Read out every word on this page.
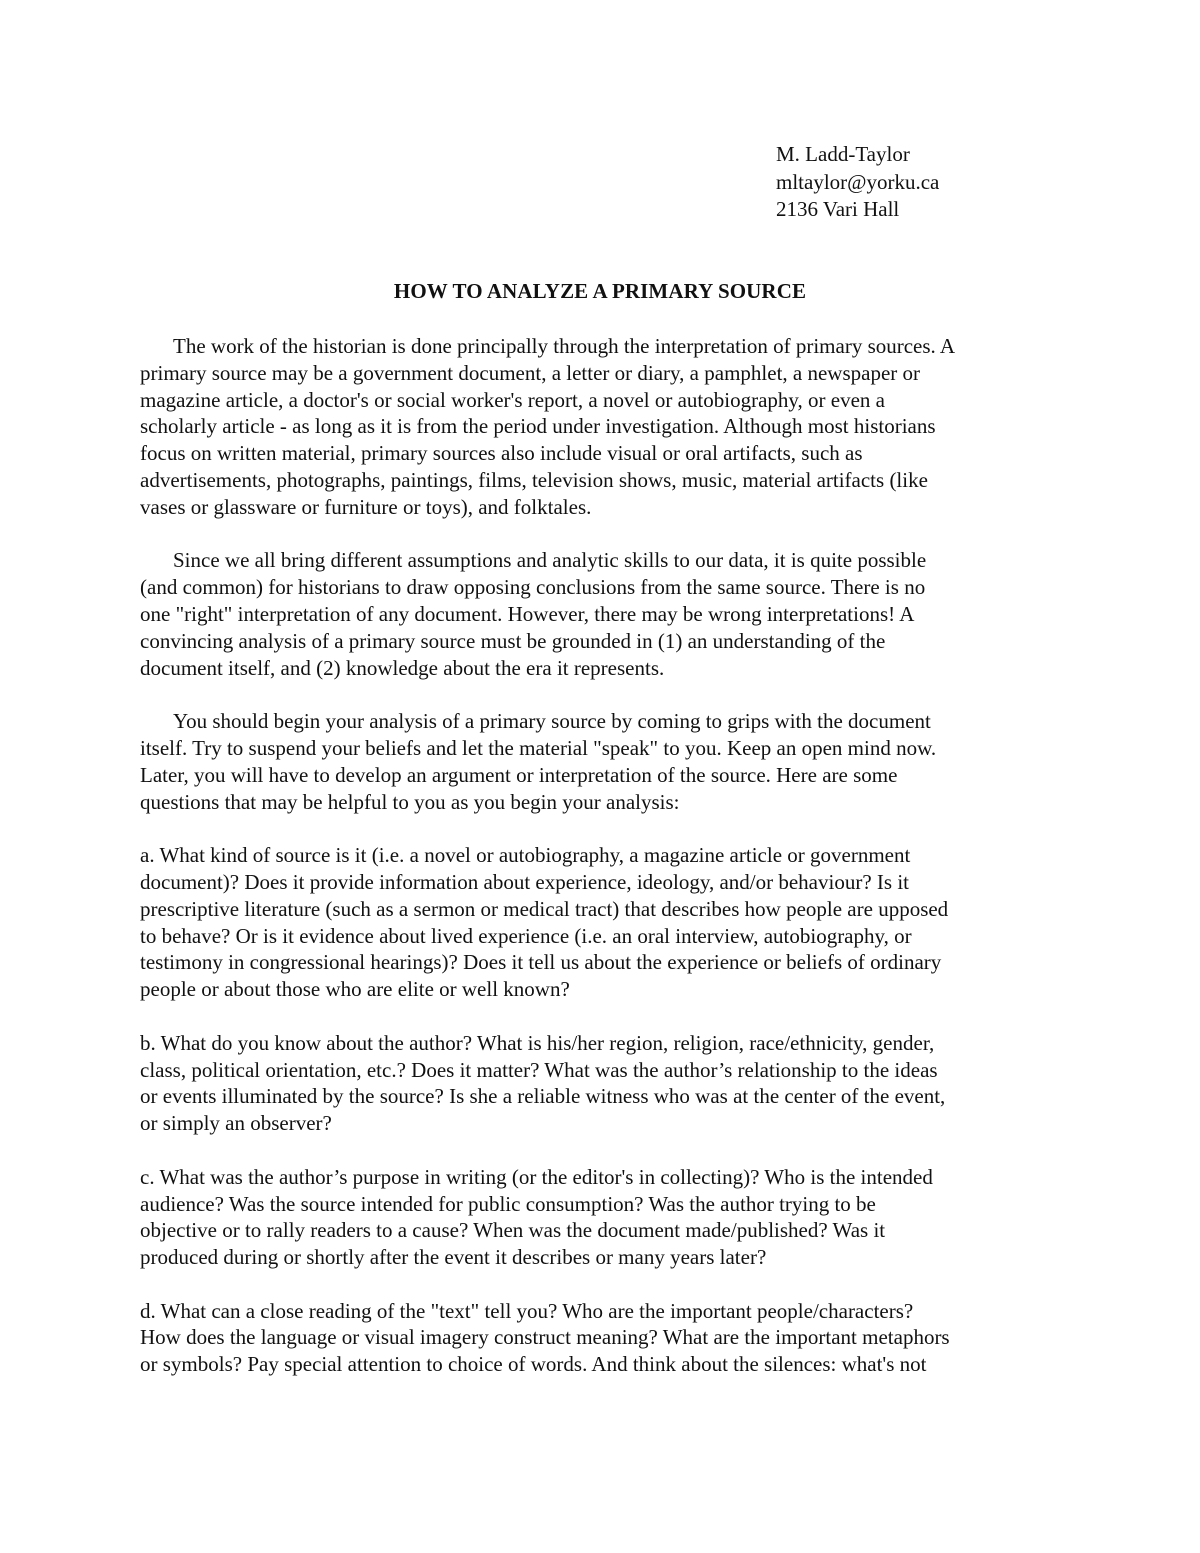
M. Ladd-Taylor
mltaylor@yorku.ca
2136 Vari Hall
HOW TO ANALYZE A PRIMARY SOURCE
The work of the historian is done principally through the interpretation of primary sources. A
primary source may be a government document, a letter or diary, a pamphlet, a newspaper or
magazine article, a doctor's or social worker's report, a novel or autobiography, or even a
scholarly article - as long as it is from the period under investigation. Although most historians
focus on written material, primary sources also include visual or oral artifacts, such as
advertisements, photographs, paintings, films, television shows, music, material artifacts (like
vases or glassware or furniture or toys), and folktales.
Since we all bring different assumptions and analytic skills to our data, it is quite possible
(and common) for historians to draw opposing conclusions from the same source. There is no
one "right" interpretation of any document. However, there may be wrong interpretations! A
convincing analysis of a primary source must be grounded in (1) an understanding of the
document itself, and (2) knowledge about the era it represents.
You should begin your analysis of a primary source by coming to grips with the document
itself. Try to suspend your beliefs and let the material "speak" to you. Keep an open mind now.
Later, you will have to develop an argument or interpretation of the source. Here are some
questions that may be helpful to you as you begin your analysis:
a. What kind of source is it (i.e. a novel or autobiography, a magazine article or government
document)? Does it provide information about experience, ideology, and/or behaviour? Is it
prescriptive literature (such as a sermon or medical tract) that describes how people are upposed
to behave? Or is it evidence about lived experience (i.e. an oral interview, autobiography, or
testimony in congressional hearings)? Does it tell us about the experience or beliefs of ordinary
people or about those who are elite or well known?
b. What do you know about the author? What is his/her region, religion, race/ethnicity, gender,
class, political orientation, etc.? Does it matter? What was the author’s relationship to the ideas
or events illuminated by the source? Is she a reliable witness who was at the center of the event,
or simply an observer?
c. What was the author’s purpose in writing (or the editor's in collecting)? Who is the intended
audience? Was the source intended for public consumption? Was the author trying to be
objective or to rally readers to a cause? When was the document made/published? Was it
produced during or shortly after the event it describes or many years later?
d. What can a close reading of the "text" tell you? Who are the important people/characters?
How does the language or visual imagery construct meaning? What are the important metaphors
or symbols? Pay special attention to choice of words. And think about the silences: what's not
